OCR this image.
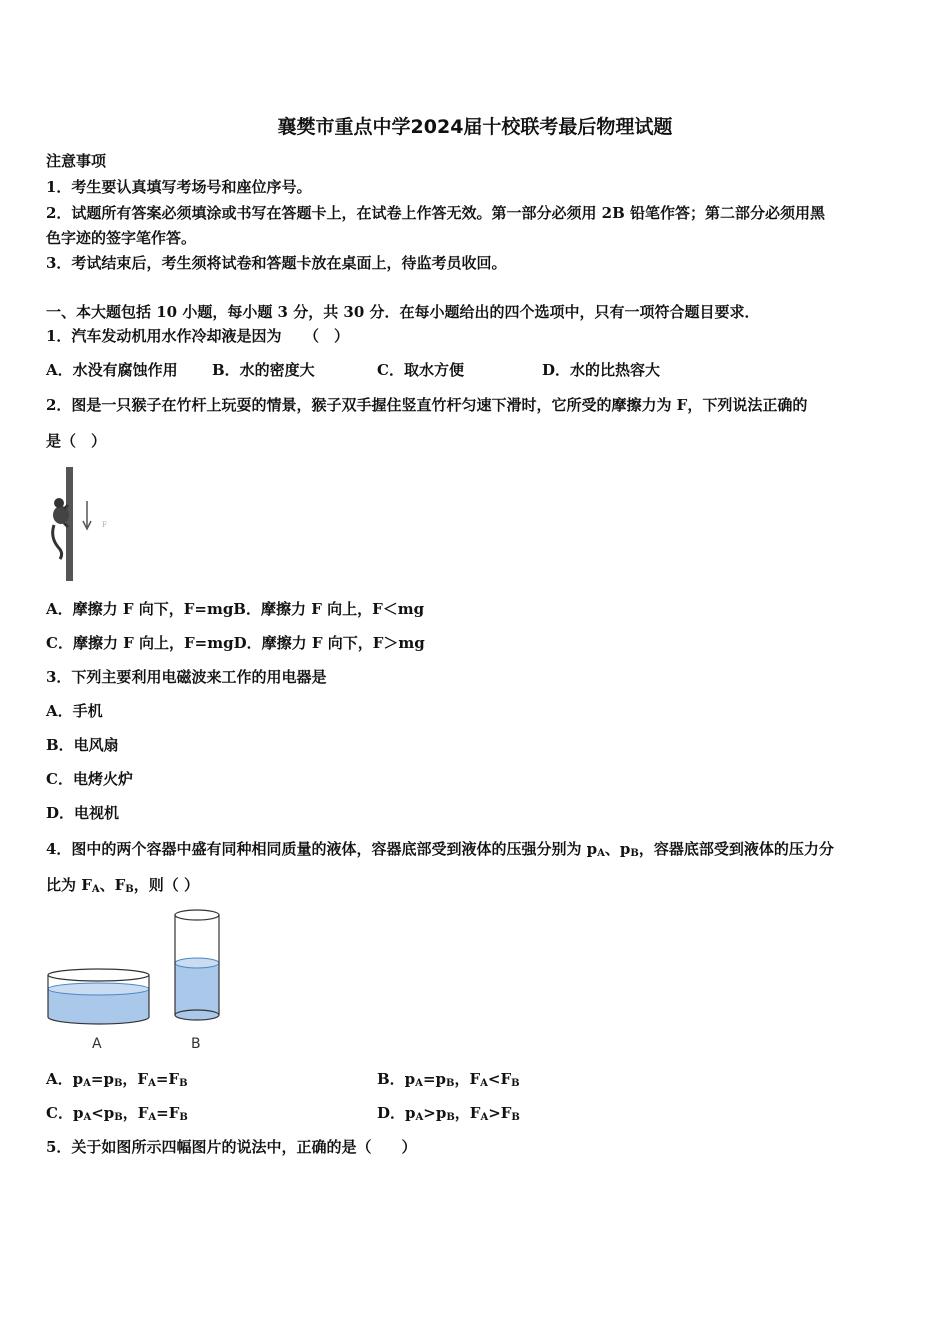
襄樊市重点中学2024届十校联考最后物理试题
注意事项
1．考生要认真填写考场号和座位序号。
2．试题所有答案必须填涂或书写在答题卡上，在试卷上作答无效。第一部分必须用 2B 铅笔作答；第二部分必须用黑
色字迹的签字笔作答。
3．考试结束后，考生须将试卷和答题卡放在桌面上，待监考员收回。
一、本大题包括 10 小题，每小题 3 分，共 30 分．在每小题给出的四个选项中，只有一项符合题目要求．
1．汽车发动机用水作冷却液是因为　　（　）
A．水没有腐蚀作用 B．水的密度大	C．取水方便	D．水的比热容大
2．图是一只猴子在竹杆上玩耍的情景，猴子双手握住竖直竹杆匀速下滑时，它所受的摩擦力为 F，下列说法正确的
是（　）
F
A．摩擦力 F 向下，F=mgB．摩擦力 F 向上，F＜mg
C．摩擦力 F 向上，F=mgD．摩擦力 F 向下，F＞mg
3．下列主要利用电磁波来工作的用电器是
A．手机
B．电风扇
C．电烤火炉
D．电视机
4．图中的两个容器中盛有同种相同质量的液体，容器底部受到液体的压强分别为 $p_A$、$p_B$，容器底部受到液体的压力分
比为 $F_A$、$F_B$，则（ ）
A	B
A．$p_A=p_B$，$F_A=F_B$	B．$p_A=p_B$，$F_A<F_B$
C．$p_A<p_B$，$F_A=F_B$	D．$p_A>p_B$，$F_A>F_B$
5．关于如图所示四幅图片的说法中，正确的是（　　）
